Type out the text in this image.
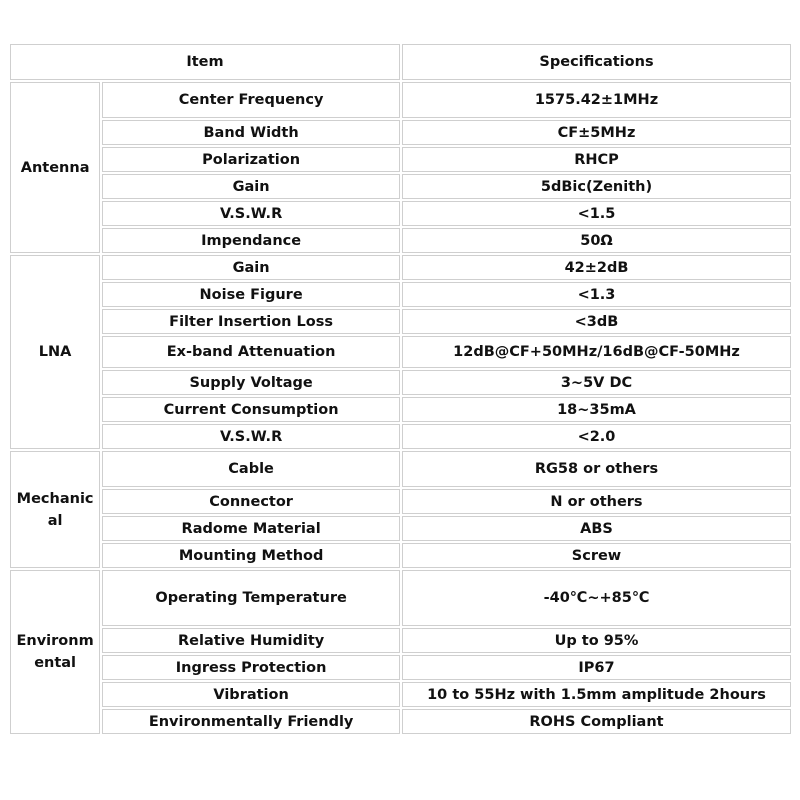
Item		Specifications
Antenna	Center Frequency	1575.42±1MHz
	Band Width	CF±5MHz
	Polarization	RHCP
	Gain	5dBic(Zenith)
	V.S.W.R	<1.5
	Impendance	50Ω
LNA	Gain	42±2dB
	Noise Figure	<1.3
	Filter Insertion Loss	<3dB
	Ex-band Attenuation	12dB@CF+50MHz/16dB@CF-50MHz
	Supply Voltage	3~5V DC
	Current Consumption	18~35mA
	V.S.W.R	<2.0
Mechanical	Cable	RG58 or others
	Connector	N or others
	Radome Material	ABS
	Mounting Method	Screw
Environmental	Operating Temperature	-40℃~+85℃
	Relative Humidity	Up to 95%
	Ingress Protection	IP67
	Vibration	10 to 55Hz with 1.5mm amplitude 2hours
	Environmentally Friendly	ROHS Compliant
